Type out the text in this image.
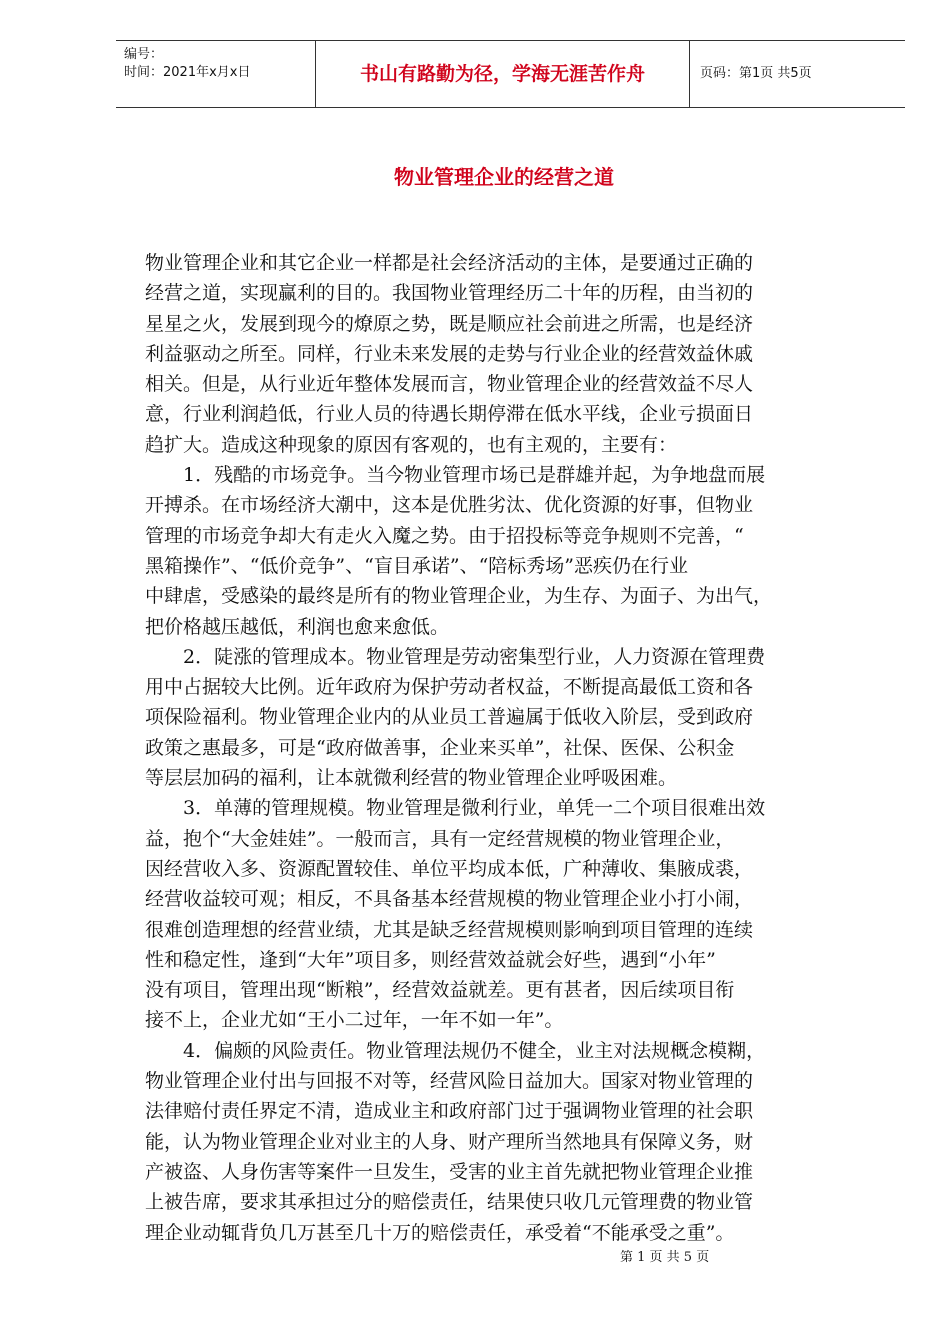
编号：
时间：2021年x月x日	书山有路勤为径，学海无涯苦作舟	页码：第1页 共5页
物业管理企业的经营之道
物业管理企业和其它企业一样都是社会经济活动的主体，是要通过正确的
经营之道，实现赢利的目的。我国物业管理经历二十年的历程，由当初的
星星之火，发展到现今的燎原之势，既是顺应社会前进之所需，也是经济
利益驱动之所至。同样，行业未来发展的走势与行业企业的经营效益休戚
相关。但是，从行业近年整体发展而言，物业管理企业的经营效益不尽人
意，行业利润趋低，行业人员的待遇长期停滞在低水平线，企业亏损面日
趋扩大。造成这种现象的原因有客观的，也有主观的，主要有：
　　1．残酷的市场竞争。当今物业管理市场已是群雄并起，为争地盘而展
开搏杀。在市场经济大潮中，这本是优胜劣汰、优化资源的好事，但物业
管理的市场竞争却大有走火入魔之势。由于招投标等竞争规则不完善，“
黑箱操作”、“低价竞争”、“盲目承诺”、“陪标秀场”恶疾仍在行业
中肆虐，受感染的最终是所有的物业管理企业，为生存、为面子、为出气，
把价格越压越低，利润也愈来愈低。
　　2．陡涨的管理成本。物业管理是劳动密集型行业，人力资源在管理费
用中占据较大比例。近年政府为保护劳动者权益，不断提高最低工资和各
项保险福利。物业管理企业内的从业员工普遍属于低收入阶层，受到政府
政策之惠最多，可是“政府做善事，企业来买单”，社保、医保、公积金
等层层加码的福利，让本就微利经营的物业管理企业呼吸困难。
　　3．单薄的管理规模。物业管理是微利行业，单凭一二个项目很难出效
益，抱个“大金娃娃”。一般而言，具有一定经营规模的物业管理企业，
因经营收入多、资源配置较佳、单位平均成本低，广种薄收、集腋成裘，
经营收益较可观；相反，不具备基本经营规模的物业管理企业小打小闹，
很难创造理想的经营业绩，尤其是缺乏经营规模则影响到项目管理的连续
性和稳定性，逢到“大年”项目多，则经营效益就会好些，遇到“小年”
没有项目，管理出现“断粮”，经营效益就差。更有甚者，因后续项目衔
接不上，企业尤如“王小二过年，一年不如一年”。
　　4．偏颇的风险责任。物业管理法规仍不健全，业主对法规概念模糊，
物业管理企业付出与回报不对等，经营风险日益加大。国家对物业管理的
法律赔付责任界定不清，造成业主和政府部门过于强调物业管理的社会职
能，认为物业管理企业对业主的人身、财产理所当然地具有保障义务，财
产被盗、人身伤害等案件一旦发生，受害的业主首先就把物业管理企业推
上被告席，要求其承担过分的赔偿责任，结果使只收几元管理费的物业管
理企业动辄背负几万甚至几十万的赔偿责任，承受着“不能承受之重”。
第 1 页 共 5 页
